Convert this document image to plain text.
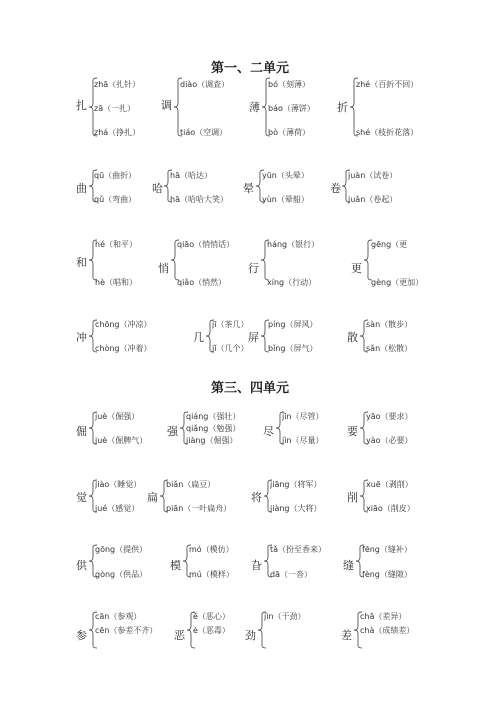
第一、二单元
第三、四单元
扎
zhā（扎针）
zā（一扎）
zhá（挣扎）
调
diào（调查）
tiáo（空调）
薄
bó（刻薄）
báo（薄饼）
bò（薄荷）
折
zhé（百折不回）
shé（枝折花落）
曲
qū（曲折）
qǔ（弯曲）
哈
hā（哈达）
hā（哈哈大笑）
晕
yūn（头晕）
yùn（晕船）
卷
juàn（试卷）
juǎn（卷起）
和
hé（和平）
hè（唱和）
悄
qiāo（悄悄话）
qiǎo（悄然）
行
háng（银行）
xíng（行动）
更
gēng（更
gèng（更加）
冲
chōng（冲凉）
chòng（冲着）
几
jī（茶几）
jǐ（几个）
屏
píng（屏风）
bǐng（屏气）
散
sàn（散步）
sǎn（松散）
倔
juè（倔强）
juè（倔脾气）
强
qiáng（强壮）
qiǎng（勉强）
jiàng（倔强）
尽
jǐn（尽管）
jìn（尽量）
要
yāo（要求）
yào（必要）
觉
jiào（睡觉）
jué（感觉）
扁
biǎn（扁豆）
piān（一叶扁舟）
将
jiāng（将军）
jiàng（大将）
削
xuē（剥削）
xiāo（削皮）
供
gōng（提供）
gòng（供品）
模
mó（模仿）
mú（模样）
旮
tǎ（扮至香来）
dā（一沓）
缝
fēng（缝补）
fèng（缝隙）
参
cān（参观）
cēn（参差不齐） 恶
ě（恶心）
è（恶毒） 劲
jìn（干劲）
差
chā（差异）
chà（成绩差）
